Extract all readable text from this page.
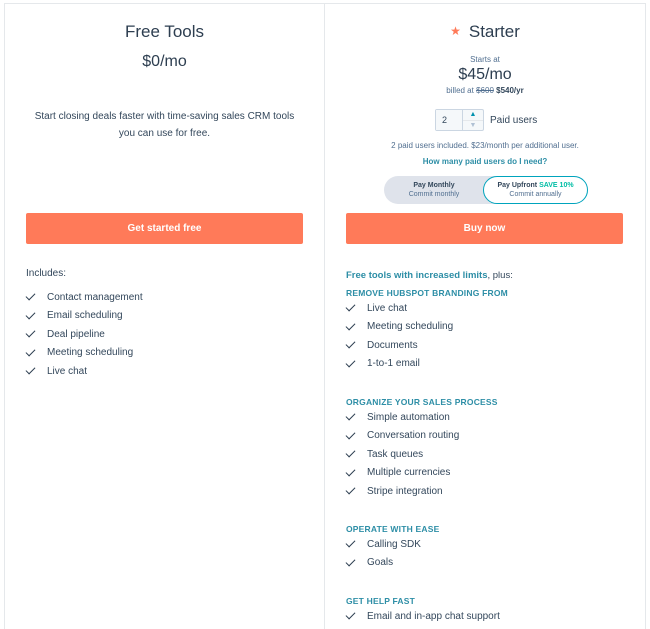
Free Tools
$0/mo
Start closing deals faster with time-saving sales CRM tools you can use for free.
Get started free
Includes:
Contact management
Email scheduling
Deal pipeline
Meeting scheduling
Live chat
★ Starter
Starts at
$45/mo
billed at $600 $540/yr
2
▲
▼	Paid users
2 paid users included. $23/month per additional user.
How many paid users do I need?
Pay Monthly
Commit monthly
Pay Upfront SAVE 10%
Commit annually
Buy now
Free tools with increased limits, plus:
REMOVE HUBSPOT BRANDING FROM
Live chat
Meeting scheduling
Documents
1-to-1 email
ORGANIZE YOUR SALES PROCESS
Simple automation
Conversation routing
Task queues
Multiple currencies
Stripe integration
OPERATE WITH EASE
Calling SDK
Goals
GET HELP FAST
Email and in-app chat support
